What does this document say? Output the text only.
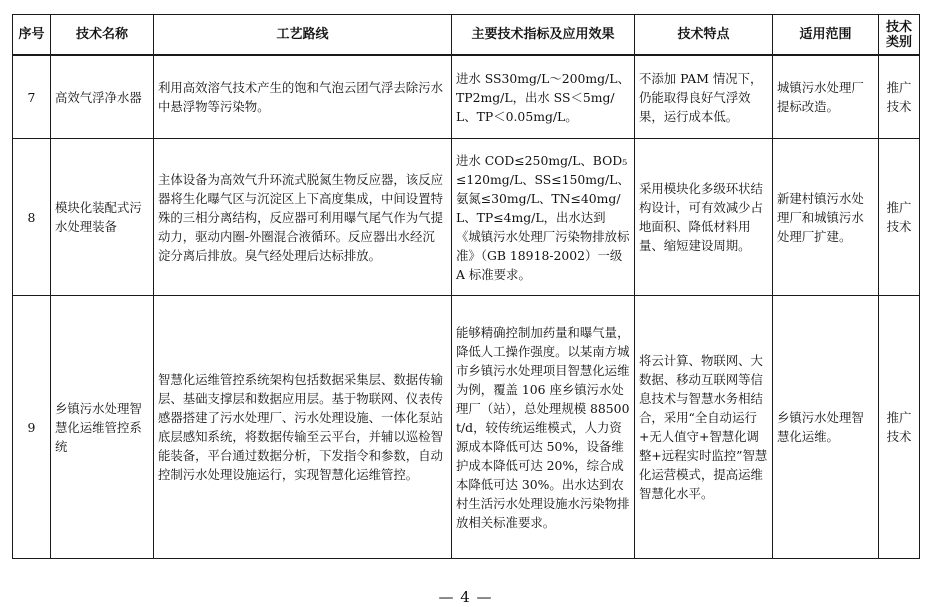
序号	技术名称	工艺路线	主要技术指标及应用效果	技术特点	适用范围	技术类别
7	高效气浮净水器	利用高效溶气技术产生的饱和气泡云团气浮去除污水中悬浮物等污染物。	进水 SS30mg/L～200mg/L、TP2mg/L，出水 SS＜5mg/L、TP＜0.05mg/L。	不添加 PAM 情况下，仍能取得良好气浮效果，运行成本低。	城镇污水处理厂提标改造。	推广技术
8	模块化装配式污水处理装备	主体设备为高效气升环流式脱氮生物反应器，该反应器将生化曝气区与沉淀区上下高度集成，中间设置特殊的三相分离结构，反应器可利用曝气尾气作为气提动力，驱动内圈-外圈混合液循环。反应器出水经沉淀分离后排放。臭气经处理后达标排放。	进水 COD≤250mg/L、BOD₅≤120mg/L、SS≤150mg/L、氨氮≤30mg/L、TN≤40mg/L、TP≤4mg/L，出水达到《城镇污水处理厂污染物排放标准》（GB 18918-2002）一级 A 标准要求。	采用模块化多级环状结构设计，可有效减少占地面积、降低材料用量、缩短建设周期。	新建村镇污水处理厂和城镇污水处理厂扩建。	推广技术
9	乡镇污水处理智慧化运维管控系统	智慧化运维管控系统架构包括数据采集层、数据传输层、基础支撑层和数据应用层。基于物联网、仪表传感器搭建了污水处理厂、污水处理设施、一体化泵站底层感知系统，将数据传输至云平台，并辅以巡检智能装备，平台通过数据分析，下发指令和参数，自动控制污水处理设施运行，实现智慧化运维管控。	能够精确控制加药量和曝气量，降低人工操作强度。以某南方城市乡镇污水处理项目智慧化运维为例，覆盖 106 座乡镇污水处理厂（站），总处理规模 88500t/d，较传统运维模式，人力资源成本降低可达 50%，设备维护成本降低可达 20%，综合成本降低可达 30%。出水达到农村生活污水处理设施水污染物排放相关标准要求。	将云计算、物联网、大数据、移动互联网等信息技术与智慧水务相结合，采用“全自动运行+无人值守+智慧化调整+远程实时监控”智慧化运营模式，提高运维智慧化水平。	乡镇污水处理智慧化运维。	推广技术
— 4 —
